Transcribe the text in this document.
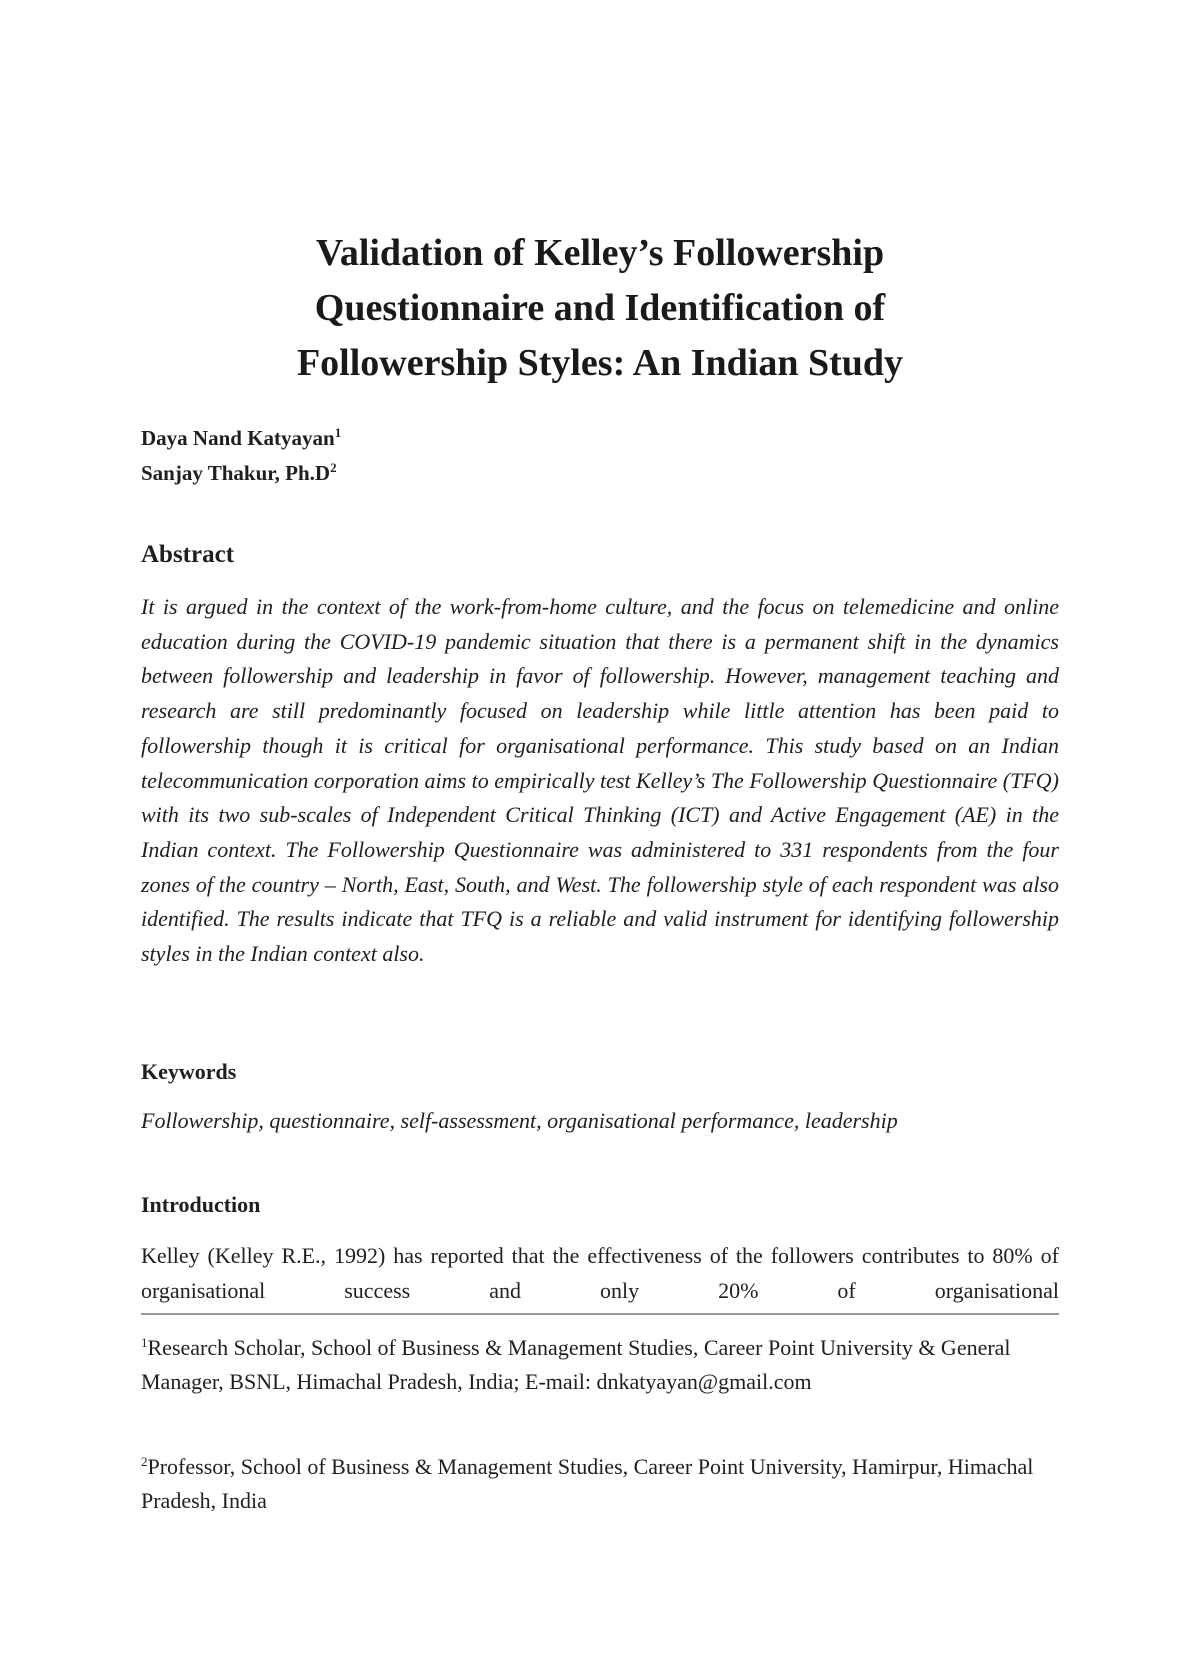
Validation of Kelley’s Followership
Questionnaire and Identification of
Followership Styles: An Indian Study
Daya Nand Katyayan$^1$
Sanjay Thakur, $Ph.D^2$
Abstract

It is argued in the context of the work-from-home culture, and the focus on telemedicine and online education during the COVID-19 pandemic situation that there is a permanent shift in the dynamics between followership and leadership in favor of followership. However, management teaching and research are still predominantly focused on leadership while little attention has been paid to followership though it is critical for organisational performance. This study based on an Indian telecommunication corporation aims to empirically test Kelley’s The Followership Questionnaire (TFQ) with its two sub-scales of Independent Critical Thinking (ICT) and Active Engagement (AE) in the Indian context. The Followership Questionnaire was administered to 331 respondents from the four zones of the country – North, East, South, and West. The followership style of each respondent was also identified. The results indicate that TFQ is a reliable and valid instrument for identifying followership styles in the Indian context also.

Keywords

Followership, questionnaire, self-assessment, organisational performance, leadership

Introduction

Kelley (Kelley R.E., 1992) has reported that the effectiveness of the followers contributes to 80% of organisational success and only 20% of organisational

$^1$Research Scholar, School of Business & Management Studies, Career Point University & General Manager, BSNL, Himachal Pradesh, India; E-mail: dnkatyayan@gmail.com

$^2$Professor, School of Business & Management Studies, Career Point University, Hamirpur, Himachal Pradesh, India
